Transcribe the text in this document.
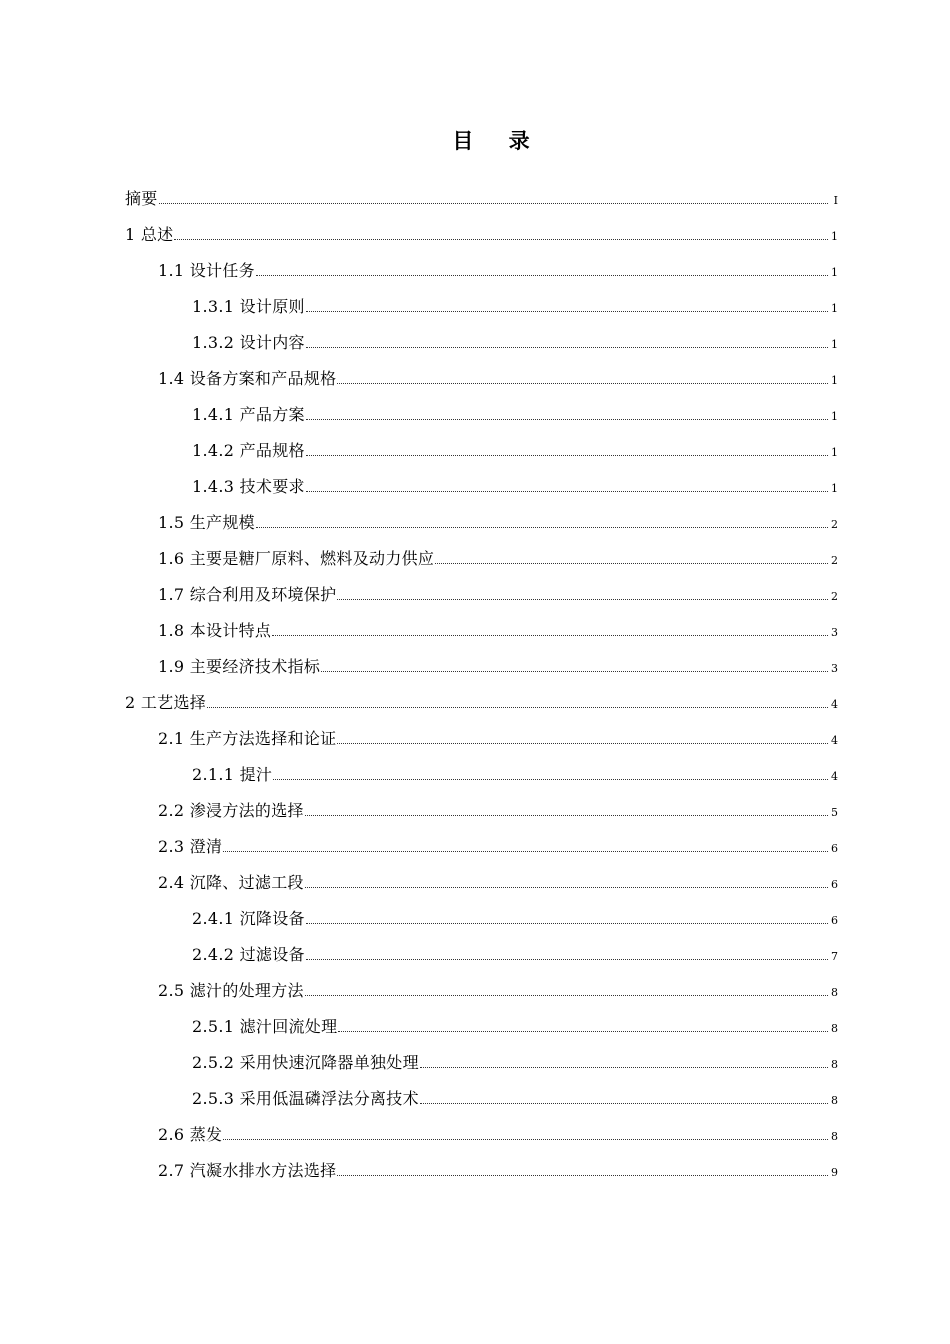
目 录
摘要	I
1 总述	1
1.1 设计任务	1
1.3.1 设计原则	1
1.3.2 设计内容	1
1.4 设备方案和产品规格	1
1.4.1 产品方案	1
1.4.2 产品规格	1
1.4.3 技术要求	1
1.5 生产规模	2
1.6 主要是糖厂原料、燃料及动力供应	2
1.7 综合利用及环境保护	2
1.8 本设计特点	3
1.9 主要经济技术指标	3
2 工艺选择	4
2.1 生产方法选择和论证	4
2.1.1 提汁	4
2.2 渗浸方法的选择	5
2.3 澄清	6
2.4 沉降、过滤工段	6
2.4.1 沉降设备	6
2.4.2 过滤设备	7
2.5 滤汁的处理方法	8
2.5.1 滤汁回流处理	8
2.5.2 采用快速沉降器单独处理	8
2.5.3 采用低温磷浮法分离技术	8
2.6 蒸发	8
2.7 汽凝水排水方法选择	9
